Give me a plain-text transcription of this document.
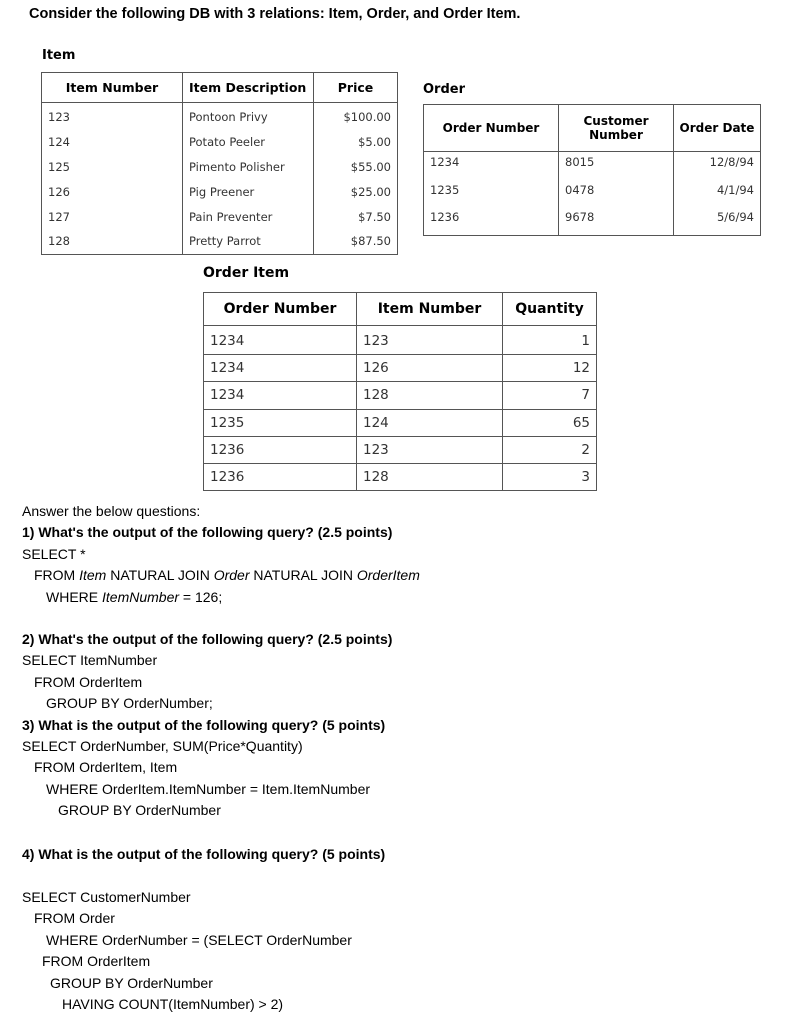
Consider the following DB with 3 relations: Item, Order, and Order Item.
Item
Item Number	Item Description	Price
123	Pontoon Privy	$100.00
124	Potato Peeler	$5.00
125	Pimento Polisher	$55.00
126	Pig Preener	$25.00
127	Pain Preventer	$7.50
128	Pretty Parrot	$87.50
Order
Order Number	Customer Number	Order Date
1234	8015	12/8/94
1235	0478	4/1/94
1236	9678	5/6/94
Order Item
Order Number	Item Number	Quantity
1234	123	1
1234	126	12
1234	128	7
1235	124	65
1236	123	2
1236	128	3
Answer the below questions:
1) What's the output of the following query? (2.5 points)
SELECT *
FROM Item NATURAL JOIN Order NATURAL JOIN OrderItem
WHERE ItemNumber = 126;
2) What's the output of the following query? (2.5 points)
SELECT ItemNumber
FROM OrderItem
GROUP BY OrderNumber;
3) What is the output of the following query? (5 points)
SELECT OrderNumber, SUM(Price*Quantity)
FROM OrderItem, Item
WHERE OrderItem.ItemNumber = Item.ItemNumber
GROUP BY OrderNumber
4) What is the output of the following query? (5 points)
SELECT CustomerNumber
FROM Order
WHERE OrderNumber = (SELECT OrderNumber
FROM OrderItem
GROUP BY OrderNumber
HAVING COUNT(ItemNumber) > 2)
